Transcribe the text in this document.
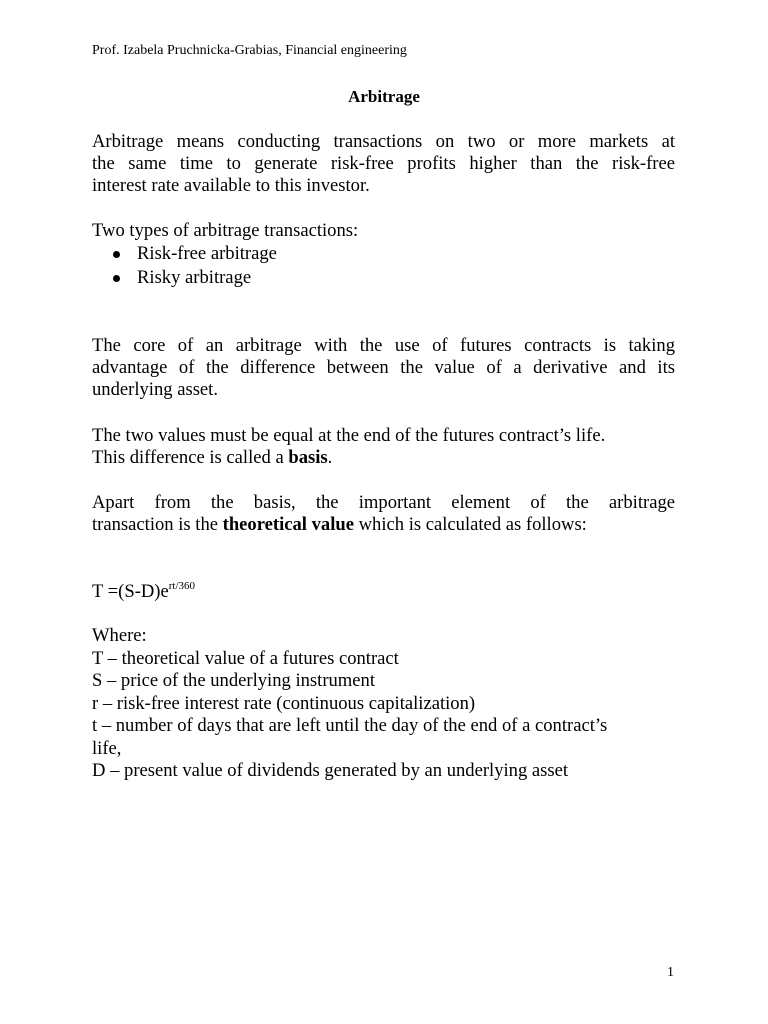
Prof. Izabela Pruchnicka-Grabias, Financial engineering
Arbitrage
Arbitrage means conducting transactions on two or more markets at
the same time to generate risk-free profits higher than the risk-free
interest rate available to this investor.
Two types of arbitrage transactions:
Risk-free arbitrage
Risky arbitrage
The core of an arbitrage with the use of futures contracts is taking
advantage of the difference between the value of a derivative and its
underlying asset.
The two values must be equal at the end of the futures contract’s life.
This difference is called a basis.
Apart from the basis, the important element of the arbitrage
transaction is the theoretical value which is calculated as follows:
$T =(S-D)e^{rt/360}$
Where:
T – theoretical value of a futures contract
S – price of the underlying instrument
r – risk-free interest rate (continuous capitalization)
t – number of days that are left until the day of the end of a contract’s
life,
D – present value of dividends generated by an underlying asset
1
